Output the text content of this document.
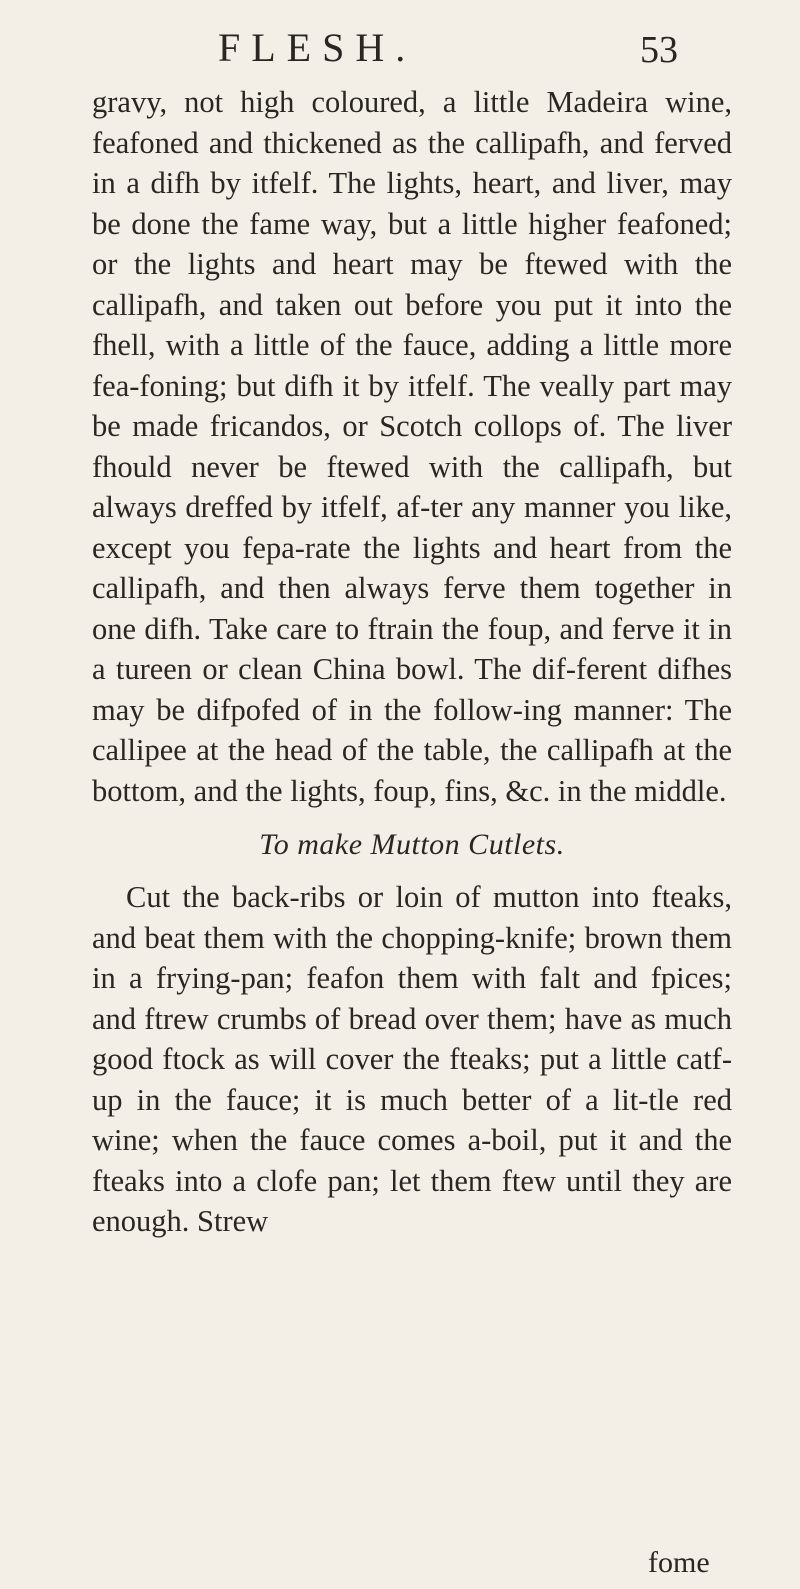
FLESH.	53

gravy, not high coloured, a little Madeira wine, feafoned and thickened as the callipafh, and ferved in a difh by itfelf. The lights, heart, and liver, may be done the fame way, but a little higher feafoned; or the lights and heart may be ftewed with the callipafh, and taken out before you put it into the fhell, with a little of the fauce, adding a little more fea-foning; but difh it by itfelf. The veally part may be made fricandos, or Scotch collops of. The liver fhould never be ftewed with the callipafh, but always dreffed by itfelf, af-ter any manner you like, except you fepa-rate the lights and heart from the callipafh, and then always ferve them together in one difh. Take care to ftrain the foup, and ferve it in a tureen or clean China bowl. The dif-ferent difhes may be difpofed of in the follow-ing manner: The callipee at the head of the table, the callipafh at the bottom, and the lights, foup, fins, &c. in the middle.

To make Mutton Cutlets.

Cut the back-ribs or loin of mutton into fteaks, and beat them with the chopping-knife; brown them in a frying-pan; feafon them with falt and fpices; and ftrew crumbs of bread over them; have as much good ftock as will cover the fteaks; put a little catf-up in the fauce; it is much better of a lit-tle red wine; when the fauce comes a-boil, put it and the fteaks into a clofe pan; let them ftew until they are enough. Strew

fome
